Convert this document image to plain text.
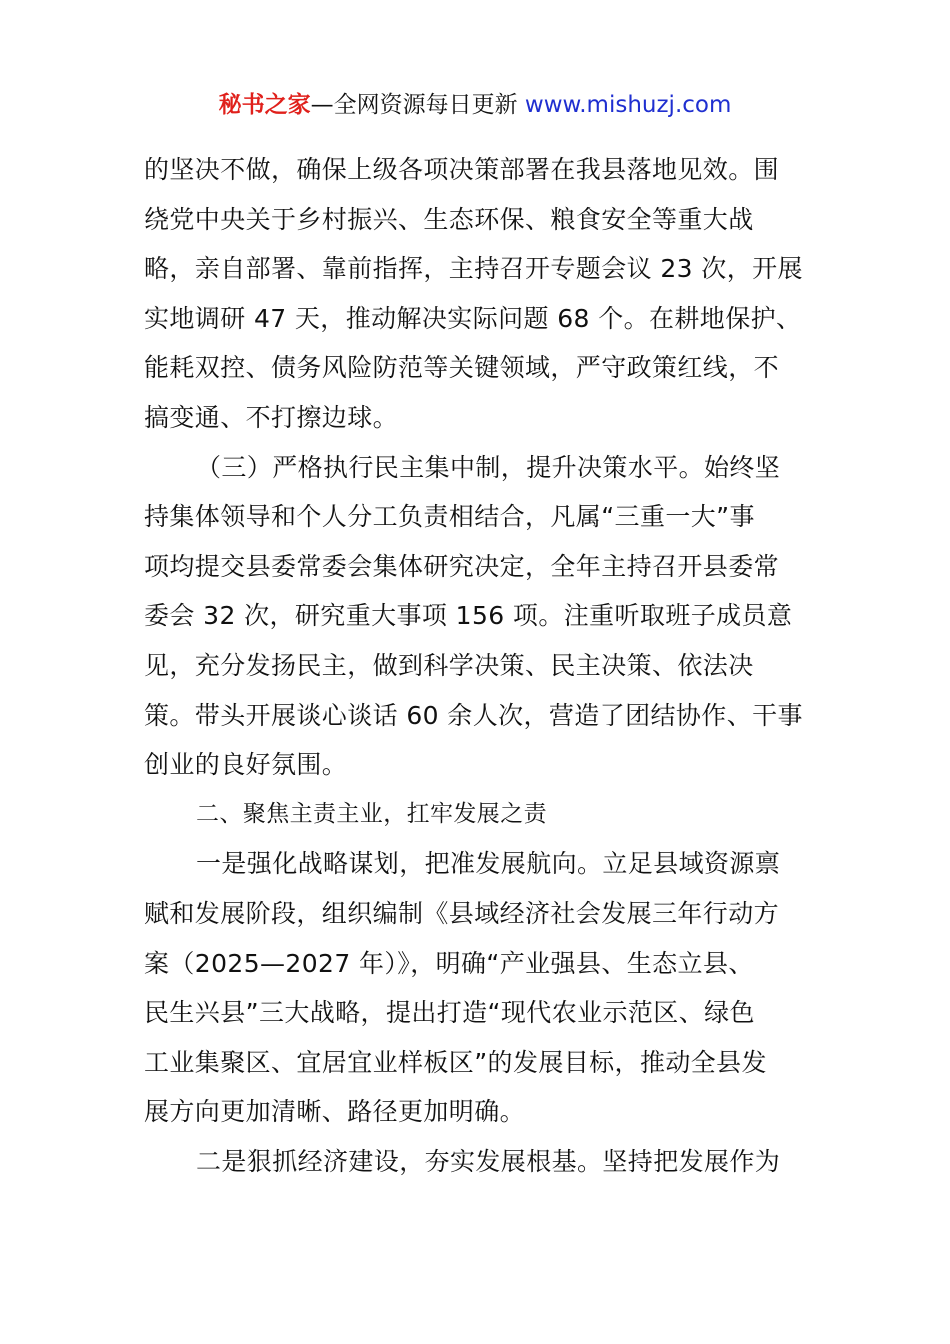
秘书之家—全网资源每日更新 www.mishuzj.com
的坚决不做，确保上级各项决策部署在我县落地见效。围
绕党中央关于乡村振兴、生态环保、粮食安全等重大战
略，亲自部署、靠前指挥，主持召开专题会议 23 次，开展
实地调研 47 天，推动解决实际问题 68 个。在耕地保护、
能耗双控、债务风险防范等关键领域，严守政策红线，不
搞变通、不打擦边球。
（三）严格执行民主集中制，提升决策水平。始终坚
持集体领导和个人分工负责相结合，凡属“三重一大”事
项均提交县委常委会集体研究决定，全年主持召开县委常
委会 32 次，研究重大事项 156 项。注重听取班子成员意
见，充分发扬民主，做到科学决策、民主决策、依法决
策。带头开展谈心谈话 60 余人次，营造了团结协作、干事
创业的良好氛围。
二、聚焦主责主业，扛牢发展之责
一是强化战略谋划，把准发展航向。立足县域资源禀
赋和发展阶段，组织编制《县域经济社会发展三年行动方
案（2025—2027 年）》，明确“产业强县、生态立县、
民生兴县”三大战略，提出打造“现代农业示范区、绿色
工业集聚区、宜居宜业样板区”的发展目标，推动全县发
展方向更加清晰、路径更加明确。
二是狠抓经济建设，夯实发展根基。坚持把发展作为
